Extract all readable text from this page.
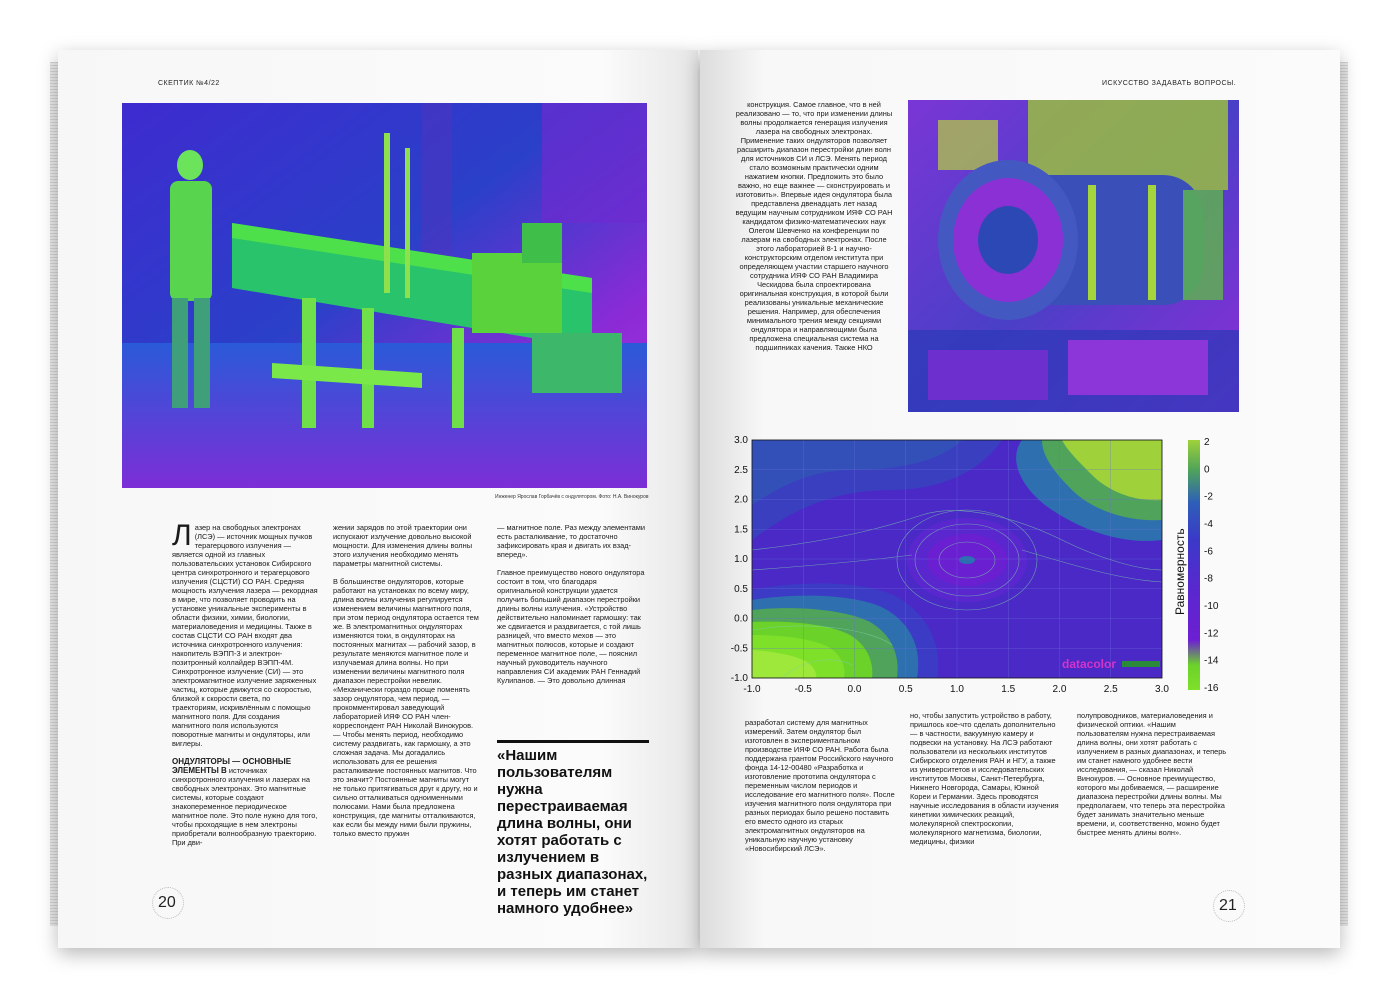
СКЕПТИК №4/22
Инженер Ярослав Горбачёв с ондулятором. Фото: Н.А. Винокуров

Лазер на свободных электронах (ЛСЭ) — источник мощных пучков терагерцового излучения — является одной из главных пользовательских установок Сибирского центра синхротронного и терагерцового излучения (СЦСТИ) СО РАН. Средняя мощность излучения лазера — рекордная в мире, что позволяет проводить на установке уникальные эксперименты в области физики, химии, биологии, материаловедения и медицины. Также в состав СЦСТИ СО РАН входят два источника синхротронного излучения: накопитель ВЭПП-3 и электрон-позитронный коллайдер ВЭПП-4М. Синхротронное излучение (СИ) — это электромагнитное излучение заряженных частиц, которые движутся со скоростью, близкой к скорости света, по траекториям, искривлённым с помощью магнитного поля. Для создания магнитного поля используются поворотные магниты и ондуляторы, или виглеры.

ОНДУЛЯТОРЫ — ОСНОВНЫЕ ЭЛЕМЕНТЫ В источниках синхротронного излучения и лазерах на свободных электронах. Это магнитные системы, которые создают знакопеременное периодическое магнитное поле. Это поле нужно для того, чтобы проходящие в нем электроны приобретали волнообразную траекторию. При дви-

жении зарядов по этой траектории они испускают излучение довольно высокой мощности. Для изменения длины волны этого излучения необходимо менять параметры магнитной системы.

В большинстве ондуляторов, которые работают на установках по всему миру, длина волны излучения регулируется изменением величины магнитного поля, при этом период ондулятора остается тем же. В электромагнитных ондуляторах изменяются токи, в ондуляторах на постоянных магнитах — рабочий зазор, в результате меняются магнитное поле и излучаемая длина волны. Но при изменении величины магнитного поля диапазон перестройки невелик. «Механически гораздо проще поменять зазор ондулятора, чем период, — прокомментировал заведующий лабораторией ИЯФ СО РАН член-корреспондент РАН Николай Винокуров. — Чтобы менять период, необходимо систему раздвигать, как гармошку, а это сложная задача. Мы догадались использовать для ее решения расталкивание постоянных магнитов. Что это значит? Постоянные магниты могут не только притягиваться друг к другу, но и сильно отталкиваться одноименными полюсами. Нами была предложена конструкция, где магниты отталкиваются, как если бы между ними были пружины, только вместо пружин

— магнитное поле. Раз между элементами есть расталкивание, то достаточно зафиксировать края и двигать их взад-вперед».

Главное преимущество нового ондулятора состоит в том, что благодаря оригинальной конструкции удается получить больший диапазон перестройки длины волны излучения. «Устройство действительно напоминает гармошку: так же сдвигается и раздвигается, с той лишь разницей, что вместо мехов — это магнитных полюсов, которые и создают переменное магнитное поле, — пояснил научный руководитель научного направления СИ академик РАН Геннадий Кулипанов. — Это довольно длинная

«Нашим пользователям нужна перестраиваемая длина волны, они хотят работать с излучением в разных диапазонах, и теперь им станет намного удобнее»
20
ИСКУССТВО ЗАДАВАТЬ ВОПРОСЫ.

конструкция. Самое главное, что в ней реализовано — то, что при изменении длины волны продолжается генерация излучения лазера на свободных электронах. Применение таких ондуляторов позволяет расширить диапазон перестройки длин волн для источников СИ и ЛСЭ. Менять период стало возможным практически одним нажатием кнопки. Предложить это было важно, но еще важнее — сконструировать и изготовить». Впервые идея ондулятора была представлена двенадцать лет назад ведущим научным сотрудником ИЯФ СО РАН кандидатом физико-математических наук Олегом Шевченко на конференции по лазерам на свободных электронах. После этого лабораторией 8-1 и научно-конструкторским отделом института при определяющем участии старшего научного сотрудника ИЯФ СО РАН Владимира Ческидова была спроектирована оригинальная конструкция, в которой были реализованы уникальные механические решения. Например, для обеспечения минимального трения между секциями ондулятора и направляющими была предложена специальная система на подшипниках качения. Также НКО

datacolor
-1.0	-0.5	0.0	0.5	1.0	1.5	2.0	2.5	3.0
3.0
2.5
2.0
1.5
1.0
0.5
0.0
-0.5
-1.0
2
0
-2
-4
-6
-8
-10
-12
-14
-16
Равномерность

разработал систему для магнитных измерений. Затем ондулятор был изготовлен в экспериментальном производстве ИЯФ СО РАН. Работа была поддержана грантом Российского научного фонда 14-12-00480 «Разработка и изготовление прототипа ондулятора с переменным числом периодов и исследование его магнитного поля». После изучения магнитного поля ондулятора при разных периодах было решено поставить его вместо одного из старых электромагнитных ондуляторов на уникальную научную установку «Новосибирский ЛСЭ».

но, чтобы запустить устройство в работу, пришлось кое-что сделать дополнительно — в частности, вакуумную камеру и подвески на установку. На ЛСЭ работают пользователи из нескольких институтов Сибирского отделения РАН и НГУ, а также из университетов и исследовательских институтов Москвы, Санкт-Петербурга, Нижнего Новгорода, Самары, Южной Кореи и Германии. Здесь проводятся научные исследования в области изучения кинетики химических реакций, молекулярной спектроскопии, молекулярного магнетизма, биологии, медицины, физики

полупроводников, материаловедения и физической оптики. «Нашим пользователям нужна перестраиваемая длина волны, они хотят работать с излучением в разных диапазонах, и теперь им станет намного удобнее вести исследования, — сказал Николай Винокуров. — Основное преимущество, которого мы добиваемся, — расширение диапазона перестройки длины волны. Мы предполагаем, что теперь эта перестройка будет занимать значительно меньше времени, и, соответственно, можно будет быстрее менять длины волн».

21
